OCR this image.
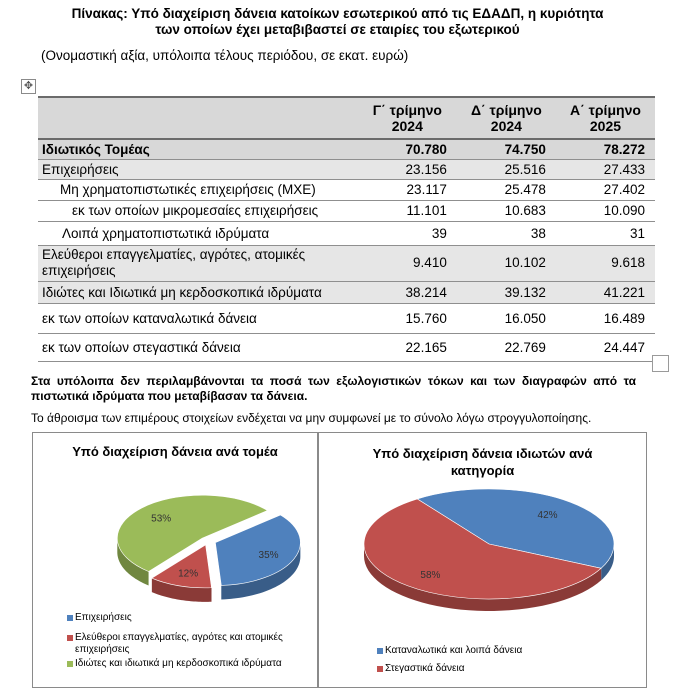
Πίνακας: Υπό διαχείριση δάνεια κατοίκων εσωτερικού από τις ΕΔΑΔΠ, η κυριότητα
των οποίων έχει μεταβιβαστεί σε εταιρίες του εξωτερικού
(Ονομαστική αξία, υπόλοιπα τέλους περιόδου, σε εκατ. ευρώ)
✥
	Γ΄ τρίμηνο 2024	Δ΄ τρίμηνο 2024	Α΄ τρίμηνο 2025
Ιδιωτικός Τομέας	70.780	74.750	78.272
Επιχειρήσεις	23.156	25.516	27.433
Μη χρηματοπιστωτικές επιχειρήσεις (ΜΧΕ)	23.117	25.478	27.402
εκ των οποίων μικρομεσαίες επιχειρήσεις	11.101	10.683	10.090
Λοιπά χρηματοπιστωτικά ιδρύματα	39	38	31
Ελεύθεροι επαγγελματίες, αγρότες, ατομικές επιχειρήσεις	9.410	10.102	9.618
Ιδιώτες και Ιδιωτικά μη κερδοσκοπικά ιδρύματα	38.214	39.132	41.221
εκ των οποίων καταναλωτικά δάνεια	15.760	16.050	16.489
εκ των οποίων στεγαστικά δάνεια	22.165	22.769	24.447
Στα υπόλοιπα δεν περιλαμβάνονται τα ποσά των εξωλογιστικών τόκων και των διαγραφών από τα πιστωτικά ιδρύματα που μεταβίβασαν τα δάνεια.
Το άθροισμα των επιμέρους στοιχείων ενδέχεται να μην συμφωνεί με το σύνολο λόγω στρογγυλοποίησης.
Υπό διαχείριση δάνεια ανά τομέα
35%
12%
53%
Επιχειρήσεις
Ελεύθεροι επαγγελματίες, αγρότες και ατομικές επιχειρήσεις
Ιδιώτες και ιδιωτικά μη κερδοσκοπικά ιδρύματα
Υπό διαχείριση δάνεια ιδιωτών ανά κατηγορία
42%
58%
Καταναλωτικά και λοιπά δάνεια
Στεγαστικά δάνεια
